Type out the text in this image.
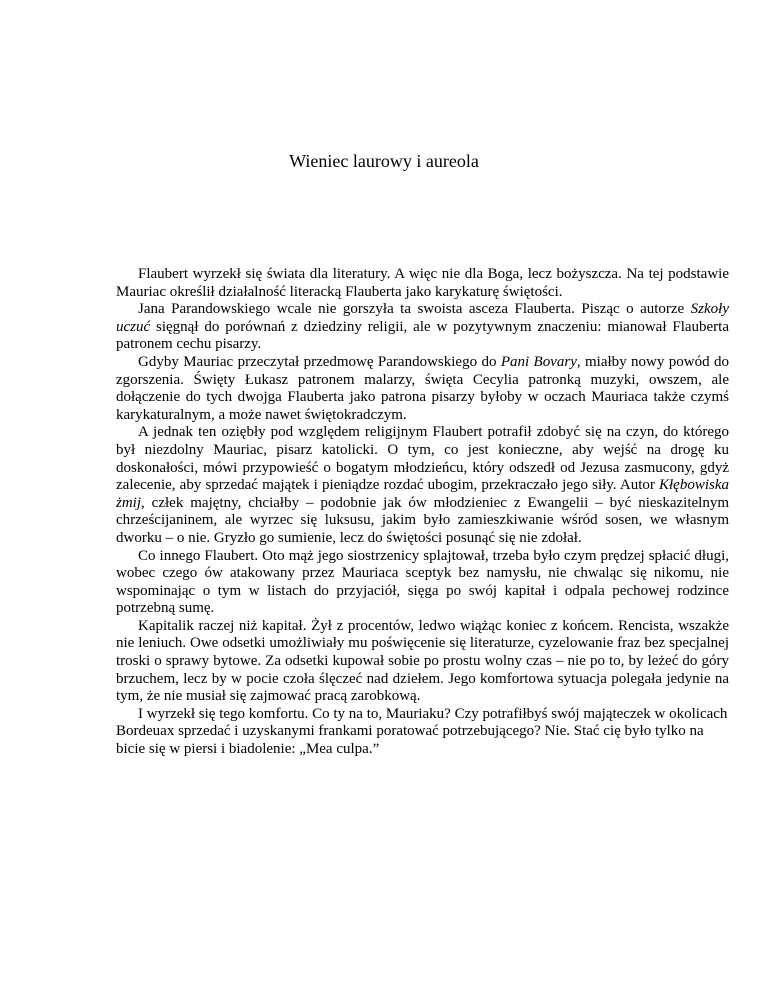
Wieniec laurowy i aureola

Flaubert wyrzekł się świata dla literatury. A więc nie dla Boga, lecz bożyszcza. Na tej podstawie Mauriac określił działalność literacką Flauberta jako karykaturę świętości.

Jana Parandowskiego wcale nie gorszyła ta swoista asceza Flauberta. Pisząc o autorze Szkoły uczuć sięgnął do porównań z dziedziny religii, ale w pozytywnym znaczeniu: mianował Flauberta patronem cechu pisarzy.

Gdyby Mauriac przeczytał przedmowę Parandowskiego do Pani Bovary, miałby nowy powód do zgorszenia. Święty Łukasz patronem malarzy, święta Cecylia patronką muzyki, owszem, ale dołączenie do tych dwojga Flauberta jako patrona pisarzy byłoby w oczach Mauriaca także czymś karykaturalnym, a może nawet świętokradczym.

A jednak ten oziębły pod względem religijnym Flaubert potrafił zdobyć się na czyn, do którego był niezdolny Mauriac, pisarz katolicki. O tym, co jest konieczne, aby wejść na drogę ku doskonałości, mówi przypowieść o bogatym młodzieńcu, który odszedł od Jezusa zasmucony, gdyż zalecenie, aby sprzedać majątek i pieniądze rozdać ubogim, przekraczało jego siły. Autor Kłębowiska żmij, człek majętny, chciałby – podobnie jak ów młodzieniec z Ewangelii – być nieskazitelnym chrześcijaninem, ale wyrzec się luksusu, jakim było zamieszkiwanie wśród sosen, we własnym dworku – o nie. Gryzło go sumienie, lecz do świętości posunąć się nie zdołał.

Co innego Flaubert. Oto mąż jego siostrzenicy splajtował, trzeba było czym prędzej spłacić długi, wobec czego ów atakowany przez Mauriaca sceptyk bez namysłu, nie chwaląc się nikomu, nie wspominając o tym w listach do przyjaciół, sięga po swój kapitał i odpala pechowej rodzince potrzebną sumę.

Kapitalik raczej niż kapitał. Żył z procentów, ledwo wiążąc koniec z końcem. Rencista, wszakże nie leniuch. Owe odsetki umożliwiały mu poświęcenie się literaturze, cyzelowanie fraz bez specjalnej troski o sprawy bytowe. Za odsetki kupował sobie po prostu wolny czas – nie po to, by leżeć do góry brzuchem, lecz by w pocie czoła ślęczeć nad dziełem. Jego komfortowa sytuacja polegała jedynie na tym, że nie musiał się zajmować pracą zarobkową.

I wyrzekł się tego komfortu. Co ty na to, Mauriaku? Czy potrafiłbyś swój mająteczek w okolicach Bordeuax sprzedać i uzyskanymi frankami poratować potrzebującego? Nie. Stać cię było tylko na bicie się w piersi i biadolenie: „Mea culpa.”
